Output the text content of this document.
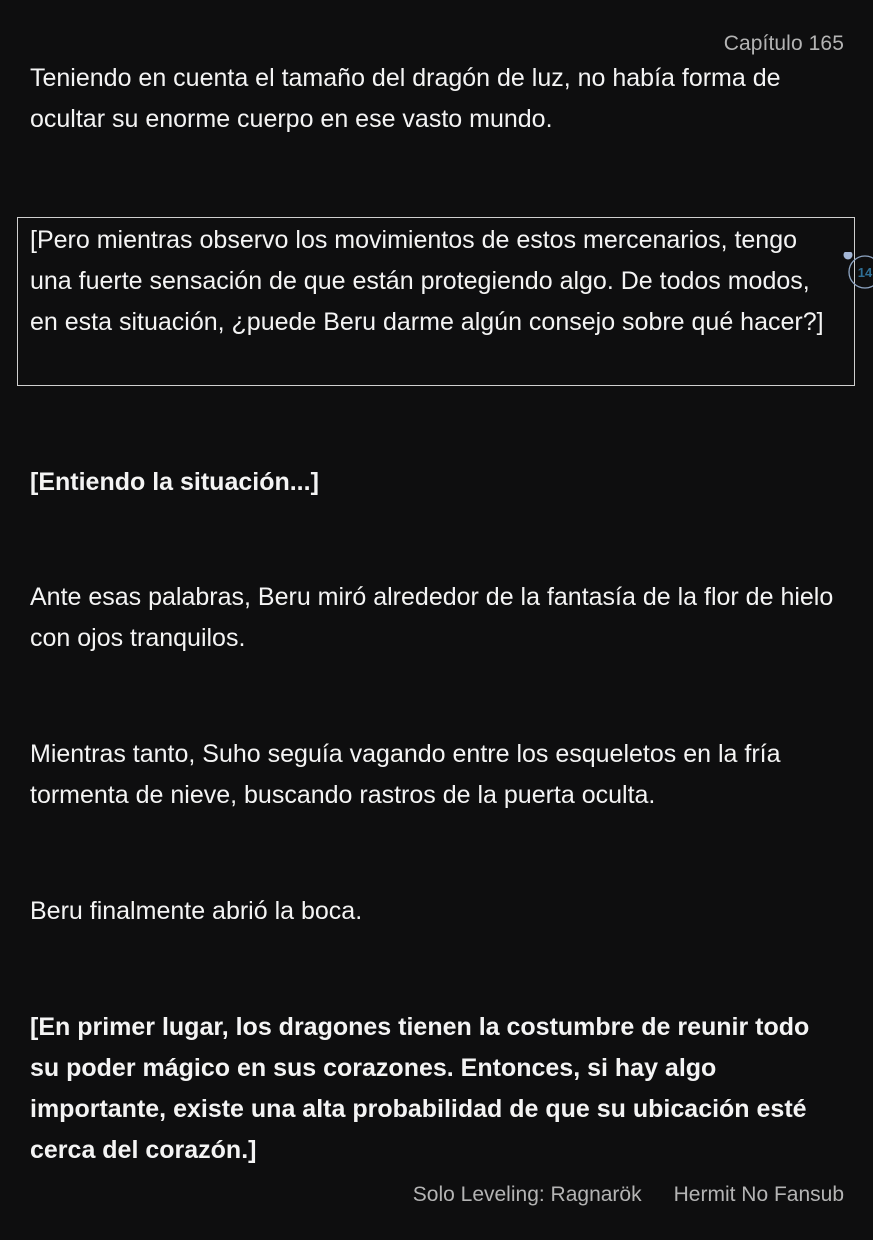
Capítulo 165

Teniendo en cuenta el tamaño del dragón de luz, no había forma de ocultar su enorme cuerpo en ese vasto mundo.

[Pero mientras observo los movimientos de estos mercenarios, tengo una fuerte sensación de que están protegiendo algo. De todos modos, en esta situación, ¿puede Beru darme algún consejo sobre qué hacer?]

14

[Entiendo la situación...]

Ante esas palabras, Beru miró alrededor de la fantasía de la flor de hielo con ojos tranquilos.

Mientras tanto, Suho seguía vagando entre los esqueletos en la fría tormenta de nieve, buscando rastros de la puerta oculta.

Beru finalmente abrió la boca.

[En primer lugar, los dragones tienen la costumbre de reunir todo su poder mágico en sus corazones. Entonces, si hay algo importante, existe una alta probabilidad de que su ubicación esté cerca del corazón.]

Solo Leveling: Ragnarök Hermit No Fansub
